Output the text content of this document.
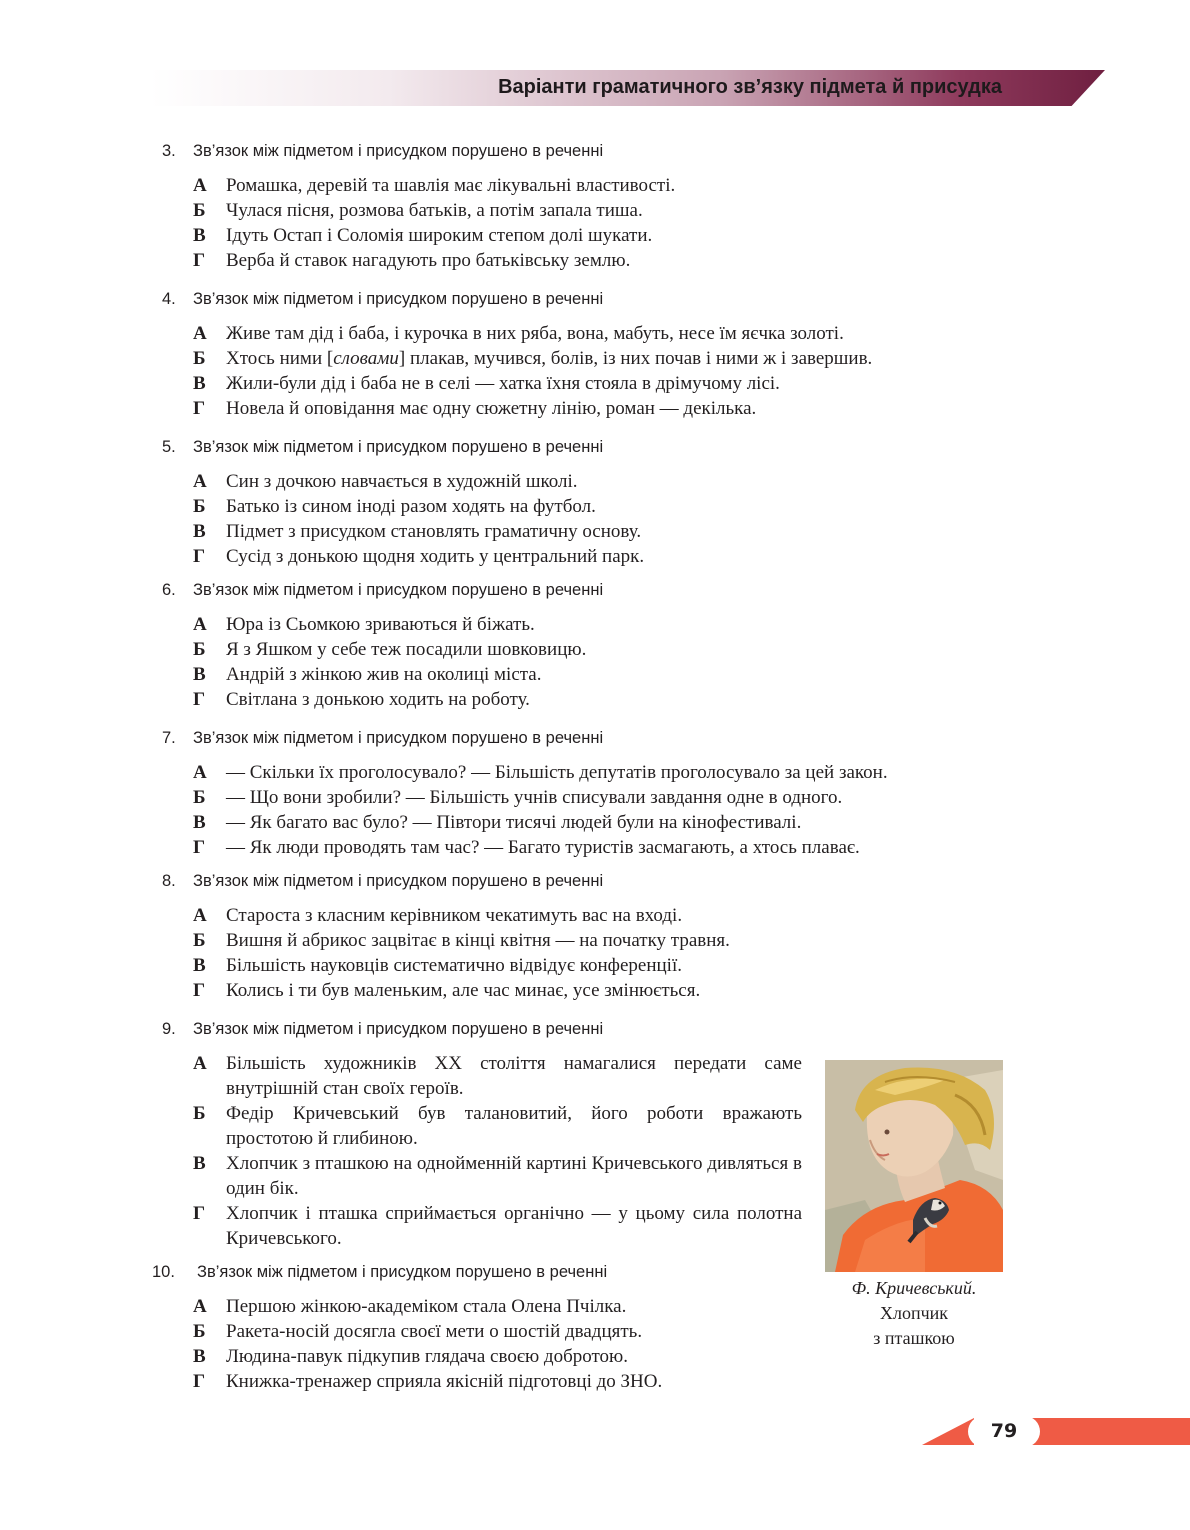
Варіанти граматичного зв’язку підмета й присудка
3. Зв’язок між підметом і присудком порушено в реченні
А	Ромашка, деревій та шавлія має лікувальні властивості.
Б	Чулася пісня, розмова батьків, а потім запала тиша.
В	Ідуть Остап і Соломія широким степом долі шукати.
Г	Верба й ставок нагадують про батьківську землю.
4. Зв’язок між підметом і присудком порушено в реченні
А	Живе там дід і баба, і курочка в них ряба, вона, мабуть, несе їм яєчка золоті.
Б	Хтось ними [словами] плакав, мучився, болів, із них почав і ними ж і завершив.
В	Жили-були дід і баба не в селі — хатка їхня стояла в дрімучому лісі.
Г	Новела й оповідання має одну сюжетну лінію, роман — декілька.
5. Зв’язок між підметом і присудком порушено в реченні
А	Син з дочкою навчається в художній школі.
Б	Батько із сином іноді разом ходять на футбол.
В	Підмет з присудком становлять граматичну основу.
Г	Сусід з донькою щодня ходить у центральний парк.
6. Зв’язок між підметом і присудком порушено в реченні
А	Юра із Сьомкою зриваються й біжать.
Б	Я з Яшком у себе теж посадили шовковицю.
В	Андрій з жінкою жив на околиці міста.
Г	Світлана з донькою ходить на роботу.
7. Зв’язок між підметом і присудком порушено в реченні
А	— Скільки їх проголосувало? — Більшість депутатів проголосувало за цей закон.
Б	— Що вони зробили? — Більшість учнів списували завдання одне в одного.
В	— Як багато вас було? — Півтори тисячі людей були на кінофестивалі.
Г	— Як люди проводять там час? — Багато туристів засмагають, а хтось плаває.
8. Зв’язок між підметом і присудком порушено в реченні
А	Староста з класним керівником чекатимуть вас на вході.
Б	Вишня й абрикос зацвітає в кінці квітня — на початку травня.
В	Більшість науковців систематично відвідує конференції.
Г	Колись і ти був маленьким, але час минає, усе змінюється.
9. Зв’язок між підметом і присудком порушено в реченні
А	Більшість художників XX століття намагалися передати саме внутрішній стан своїх героїв.
Б	Федір Кричевський був талановитий, його роботи вражають простотою й глибиною.
В	Хлопчик з пташкою на однойменній картині Кричевського дивляться в один бік.
Г	Хлопчик і пташка сприймається органічно — у цьому сила полотна Кричевського.
10. Зв’язок між підметом і присудком порушено в реченні
А	Першою жінкою-академіком стала Олена Пчілка.
Б	Ракета-носій досягла своєї мети о шостій двадцять.
В	Людина-павук підкупив глядача своєю добротою.
Г	Книжка-тренажер сприяла якісній підготовці до ЗНО.
Ф. Кричевський.
Хлопчик
з пташкою
79
